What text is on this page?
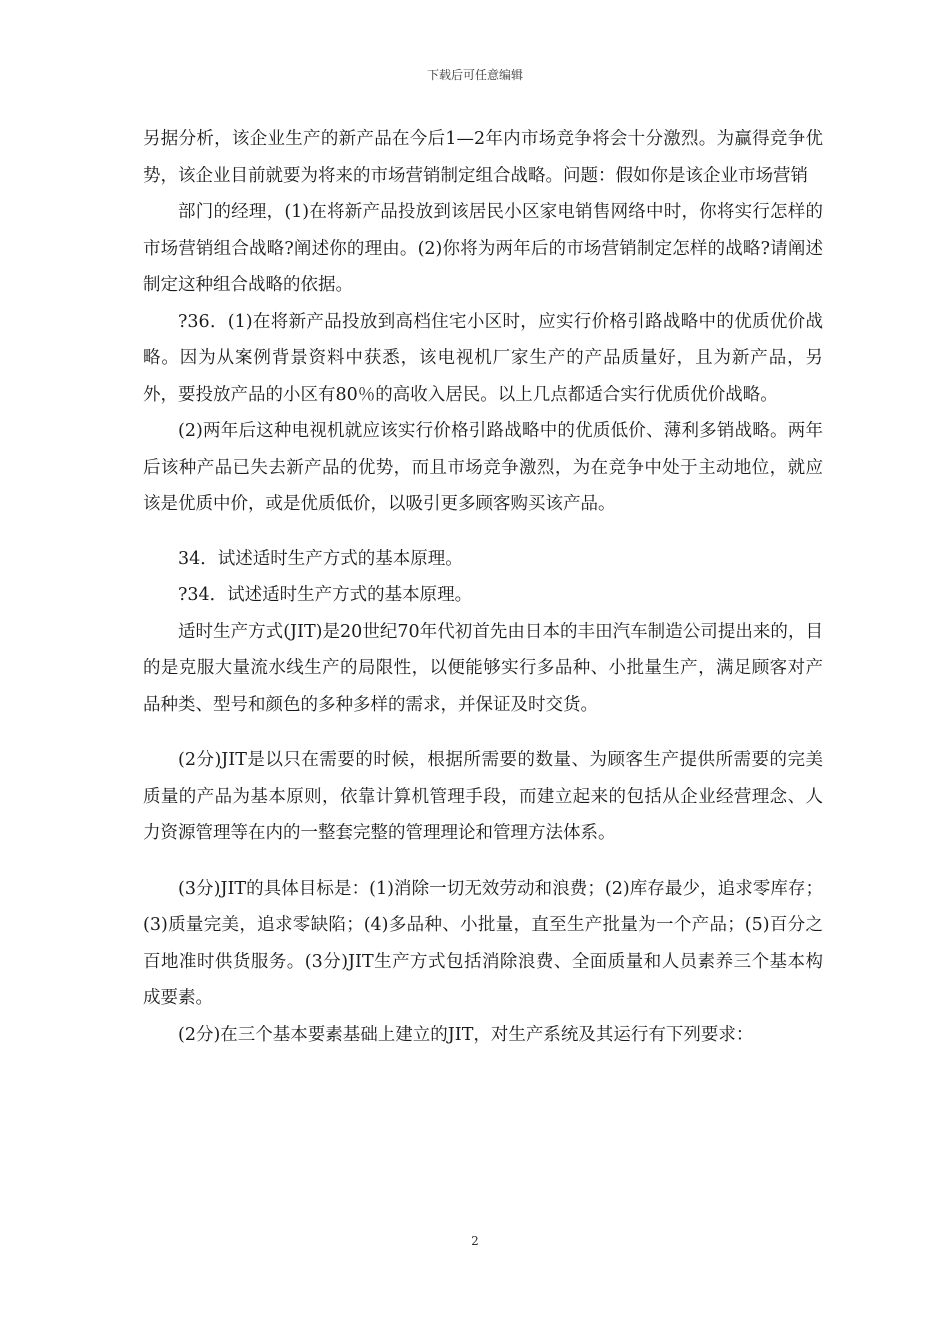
下载后可任意编辑

另据分析，该企业生产的新产品在今后1—2年内市场竞争将会十分激烈。为赢得竞争优势，该企业目前就要为将来的市场营销制定组合战略。问题：假如你是该企业市场营销

部门的经理，(1)在将新产品投放到该居民小区家电销售网络中时，你将实行怎样的市场营销组合战略?阐述你的理由。(2)你将为两年后的市场营销制定怎样的战略?请阐述制定这种组合战略的依据。

?36．(1)在将新产品投放到高档住宅小区时，应实行价格引路战略中的优质优价战略。因为从案例背景资料中获悉，该电视机厂家生产的产品质量好，且为新产品，另外，要投放产品的小区有80％的高收入居民。以上几点都适合实行优质优价战略。

(2)两年后这种电视机就应该实行价格引路战略中的优质低价、薄利多销战略。两年后该种产品已失去新产品的优势，而且市场竞争激烈，为在竞争中处于主动地位，就应该是优质中价，或是优质低价，以吸引更多顾客购买该产品。

34．试述适时生产方式的基本原理。

?34．试述适时生产方式的基本原理。

适时生产方式(JIT)是20世纪70年代初首先由日本的丰田汽车制造公司提出来的，目的是克服大量流水线生产的局限性，以便能够实行多品种、小批量生产，满足顾客对产品种类、型号和颜色的多种多样的需求，并保证及时交货。

(2分)JIT是以只在需要的时候，根据所需要的数量、为顾客生产提供所需要的完美质量的产品为基本原则，依靠计算机管理手段，而建立起来的包括从企业经营理念、人力资源管理等在内的一整套完整的管理理论和管理方法体系。

(3分)JIT的具体目标是：(1)消除一切无效劳动和浪费；(2)库存最少，追求零库存；(3)质量完美，追求零缺陷；(4)多品种、小批量，直至生产批量为一个产品；(5)百分之百地准时供货服务。(3分)JIT生产方式包括消除浪费、全面质量和人员素养三个基本构成要素。

(2分)在三个基本要素基础上建立的JIT，对生产系统及其运行有下列要求：

2
